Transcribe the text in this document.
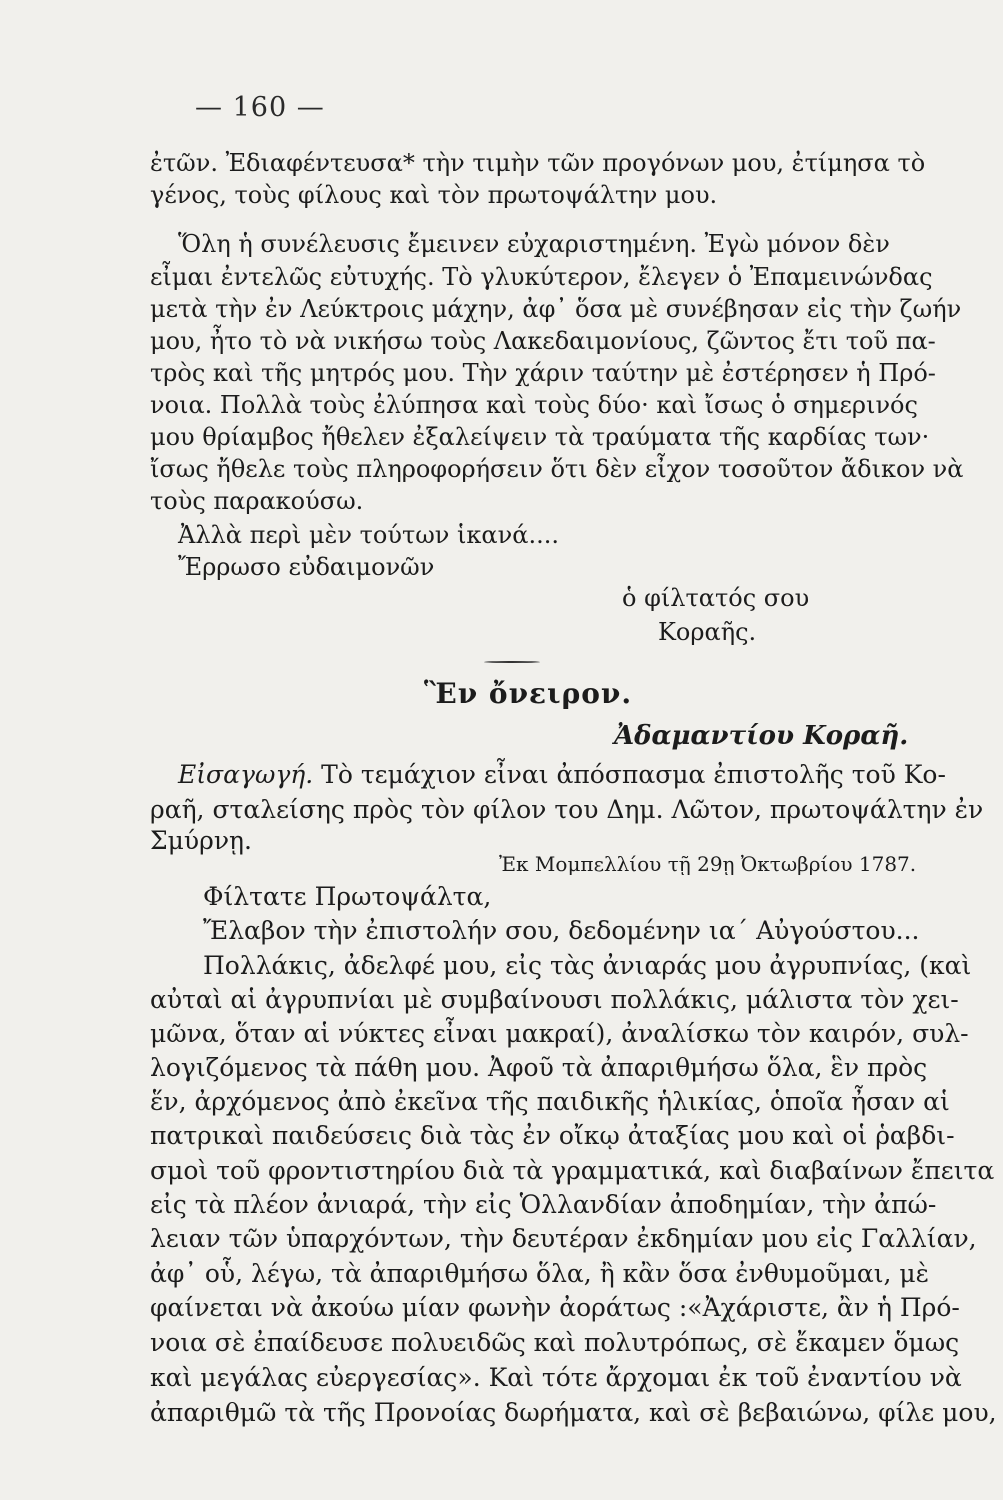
— 160 —
ἐτῶν. Ἐδιαφέντευσα* τὴν τιμὴν τῶν προγόνων μου, ἐτίμησα τὸ
γένος, τοὺς φίλους καὶ τὸν πρωτοψάλτην μου.
Ὅλη ἡ συνέλευσις ἔμεινεν εὐχαριστημένη. Ἐγὼ μόνον δὲν
εἶμαι ἐντελῶς εὐτυχής. Τὸ γλυκύτερον, ἔλεγεν ὁ Ἐπαμεινώνδας
μετὰ τὴν ἐν Λεύκτροις μάχην, ἀφ᾽ ὅσα μὲ συνέβησαν εἰς τὴν ζωήν
μου, ἦτο τὸ νὰ νικήσω τοὺς Λακεδαιμονίους, ζῶντος ἔτι τοῦ πα-
τρὸς καὶ τῆς μητρός μου. Τὴν χάριν ταύτην μὲ ἐστέρησεν ἡ Πρό-
νοια. Πολλὰ τοὺς ἐλύπησα καὶ τοὺς δύο· καὶ ἴσως ὁ σημερινός
μου θρίαμβος ἤθελεν ἐξαλείψειν τὰ τραύματα τῆς καρδίας των·
ἴσως ἤθελε τοὺς πληροφορήσειν ὅτι δὲν εἶχον τοσοῦτον ἄδικον νὰ
τοὺς παρακούσω.
Ἀλλὰ περὶ μὲν τούτων ἱκανά....
Ἔρρωσο εὐδαιμονῶν
ὁ φίλτατός σου
Κοραῆς.
Ἓν ὄνειρον.
Ἀδαμαντίου Κοραῆ.
Εἰσαγωγή. Τὸ τεμάχιον εἶναι ἀπόσπασμα ἐπιστολῆς τοῦ Κο-
ραῆ, σταλείσης πρὸς τὸν φίλον του Δημ. Λῶτον, πρωτοψάλτην ἐν
Σμύρνῃ.
Ἐκ Μομπελλίου τῇ 29ῃ Ὀκτωβρίου 1787.
Φίλτατε Πρωτοψάλτα,
Ἔλαβον τὴν ἐπιστολήν σου, δεδομένην ια´ Αὐγούστου...
Πολλάκις, ἀδελφέ μου, εἰς τὰς ἀνιαράς μου ἀγρυπνίας, (καὶ
αὐταὶ αἱ ἀγρυπνίαι μὲ συμβαίνουσι πολλάκις, μάλιστα τὸν χει-
μῶνα, ὅταν αἱ νύκτες εἶναι μακραί), ἀναλίσκω τὸν καιρόν, συλ-
λογιζόμενος τὰ πάθη μου. Ἀφοῦ τὰ ἀπαριθμήσω ὅλα, ἓν πρὸς
ἕν, ἀρχόμενος ἀπὸ ἐκεῖνα τῆς παιδικῆς ἡλικίας, ὁποῖα ἦσαν αἱ
πατρικαὶ παιδεύσεις διὰ τὰς ἐν οἴκῳ ἀταξίας μου καὶ οἱ ῥαβδι-
σμοὶ τοῦ φροντιστηρίου διὰ τὰ γραμματικά, καὶ διαβαίνων ἔπειτα
εἰς τὰ πλέον ἀνιαρά, τὴν εἰς Ὁλλανδίαν ἀποδημίαν, τὴν ἀπώ-
λειαν τῶν ὑπαρχόντων, τὴν δευτέραν ἐκδημίαν μου εἰς Γαλλίαν,
ἀφ᾽ οὗ, λέγω, τὰ ἀπαριθμήσω ὅλα, ἢ κἂν ὅσα ἐνθυμοῦμαι, μὲ
φαίνεται νὰ ἀκούω μίαν φωνὴν ἀοράτως :«Ἀχάριστε, ἂν ἡ Πρό-
νοια σὲ ἐπαίδευσε πολυειδῶς καὶ πολυτρόπως, σὲ ἔκαμεν ὅμως
καὶ μεγάλας εὐεργεσίας». Καὶ τότε ἄρχομαι ἐκ τοῦ ἐναντίου νὰ
ἀπαριθμῶ τὰ τῆς Προνοίας δωρήματα, καὶ σὲ βεβαιώνω, φίλε μου,
